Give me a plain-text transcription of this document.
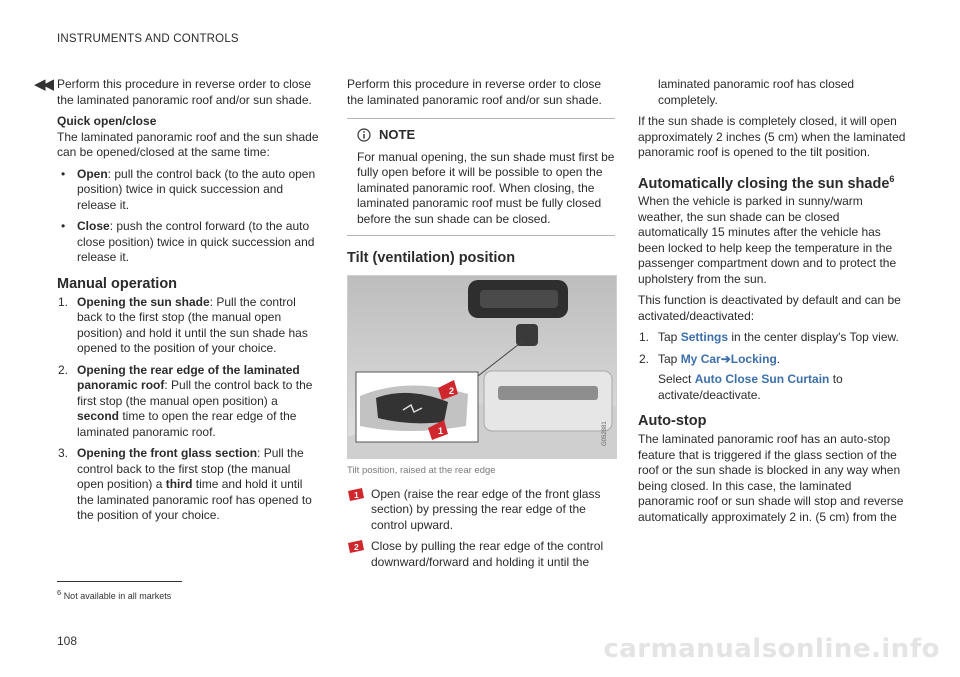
INSTRUMENTS AND CONTROLS
◀◀ Perform this procedure in reverse order to close the laminated panoramic roof and/or sun shade.

Quick open/close

The laminated panoramic roof and the sun shade can be opened/closed at the same time:

• Open: pull the control back (to the auto open position) twice in quick succession and release it.
• Close: push the control forward (to the auto close position) twice in quick succession and release it.
Manual operation
1. Opening the sun shade: Pull the control back to the first stop (the manual open position) and hold it until the sun shade has opened to the position of your choice.
2. Opening the rear edge of the laminated panoramic roof: Pull the control back to the first stop (the manual open position) a second time to open the rear edge of the laminated panoramic roof.
3. Opening the front glass section: Pull the control back to the first stop (the manual open position) a third time and hold it until the laminated panoramic roof has opened to the position of your choice.

Perform this procedure in reverse order to close the laminated panoramic roof and/or sun shade.

NOTE
For manual opening, the sun shade must first be fully open before it will be possible to open the laminated panoramic roof. When closing, the laminated panoramic roof must be fully closed before the sun shade can be closed.
Tilt (ventilation) position
2
1	G052881
Tilt position, raised at the rear edge
1 Open (raise the rear edge of the front glass section) by pressing the rear edge of the control upward.
2 Close by pulling the rear edge of the control downward/forward and holding it until the

laminated panoramic roof has closed completely.

If the sun shade is completely closed, it will open approximately 2 inches (5 cm) when the laminated panoramic roof is opened to the tilt position.

Automatically closing the sun shade$^6$

When the vehicle is parked in sunny/warm weather, the sun shade can be closed automatically 15 minutes after the vehicle has been locked to help keep the temperature in the passenger compartment down and to protect the upholstery from the sun.

This function is deactivated by default and can be activated/deactivated:

1. Tap Settings in the center display's Top view.
2. Tap My Car➔Locking.
Select Auto Close Sun Curtain to activate/deactivate.
Auto-stop

The laminated panoramic roof has an auto-stop feature that is triggered if the glass section of the roof or the sun shade is blocked in any way when being closed. In this case, the laminated panoramic roof or sun shade will stop and reverse automatically approximately 2 in. (5 cm) from the

$^6$ Not available in all markets
108	carmanualsonline.info
